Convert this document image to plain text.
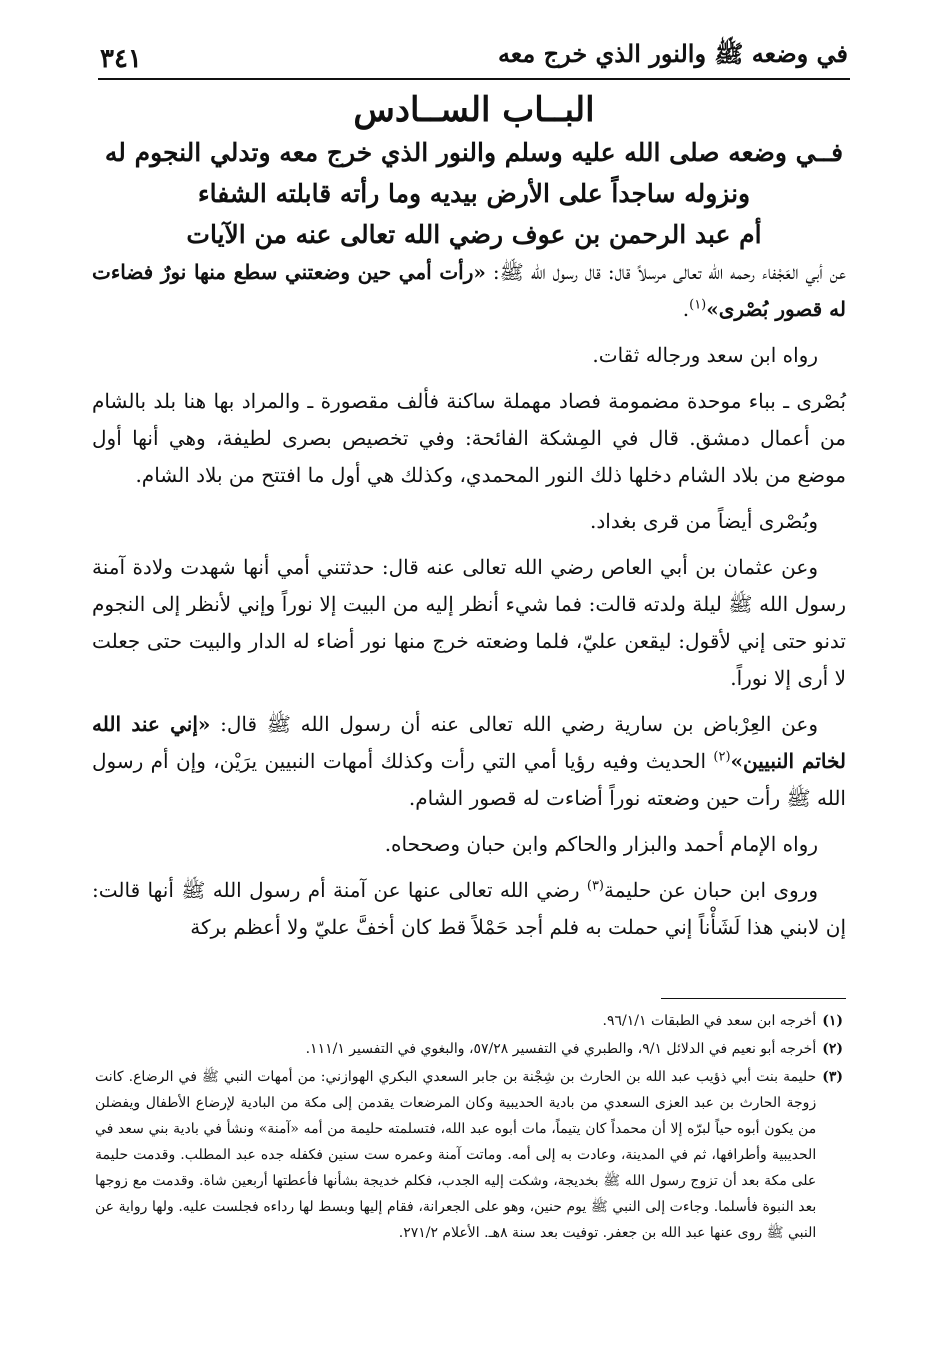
في وضعه ﷺ والنور الذي خرج معه
٣٤١
البــاب الســادس
فــي وضعه صلى الله عليه وسلم والنور الذي خرج معه وتدلي النجوم له
ونزوله ساجداً على الأرض بيديه وما رأته قابلته الشفاء
أم عبد الرحمن بن عوف رضي الله تعالى عنه من الآيات

عن أبي العَجْفاء رحمه الله تعالى مرسلاً قال: قال رسول الله ﷺ: «رأت أمي حين وضعتني سطع منها نورٌ فضاءت له قصور بُصْرى»$^{(١)}$.

رواه ابن سعد ورجاله ثقات.

بُصْرى ـ بباء موحدة مضمومة فصاد مهملة ساكنة فألف مقصورة ـ والمراد بها هنا بلد بالشام من أعمال دمشق. قال في المِشكة الفائحة: وفي تخصيص بصرى لطيفة، وهي أنها أول موضع من بلاد الشام دخلها ذلك النور المحمدي، وكذلك هي أول ما افتتح من بلاد الشام.

وبُصْرى أيضاً من قرى بغداد.

وعن عثمان بن أبي العاص رضي الله تعالى عنه قال: حدثتني أمي أنها شهدت ولادة آمنة رسول الله ﷺ ليلة ولدته قالت: فما شيء أنظر إليه من البيت إلا نوراً وإني لأنظر إلى النجوم تدنو حتى إني لأقول: ليقعن عليّ، فلما وضعته خرج منها نور أضاء له الدار والبيت حتى جعلت لا أرى إلا نوراً.

وعن العِرْباض بن سارية رضي الله تعالى عنه أن رسول الله ﷺ قال: «إني عند الله لخاتم النبيين»$^{(٢)}$ الحديث وفيه رؤيا أمي التي رأت وكذلك أمهات النبيين يرَيْن، وإن أم رسول الله ﷺ رأت حين وضعته نوراً أضاءت له قصور الشام.

رواه الإمام أحمد والبزار والحاكم وابن حبان وصححاه.

وروى ابن حبان عن حليمة$^{(٣)}$ رضي الله تعالى عنها عن آمنة أم رسول الله ﷺ أنها قالت: إن لابني هذا لَشَأْناً إني حملت به فلم أجد حَمْلاً قط كان أخفَّ عليّ ولا أعظم بركة

(١)
أخرجه ابن سعد في الطبقات ٩٦/١/١.
(٢)
أخرجه أبو نعيم في الدلائل ٩/١، والطبري في التفسير ٥٧/٢٨، والبغوي في التفسير ١١١/١.
(٣)
حليمة بنت أبي ذؤيب عبد الله بن الحارث بن شِجْنة بن جابر السعدي البكري الهوازني: من أمهات النبي ﷺ في الرضاع. كانت زوجة الحارث بن عبد العزى السعدي من بادية الحديبية وكان المرضعات يقدمن إلى مكة من البادية لإرضاع الأطفال ويفضلن من يكون أبوه حياً لبرّه إلا أن محمداً كان يتيماً، مات أبوه عبد الله، فتسلمته حليمة من أمه «آمنة» ونشأ في بادية بني سعد في الحديبية وأطرافها، ثم في المدينة، وعادت به إلى أمه. وماتت آمنة وعمره ست سنين فكفله جده عبد المطلب. وقدمت حليمة على مكة بعد أن تزوج رسول الله ﷺ بخديجة، وشكت إليه الجدب، فكلم خديجة بشأنها فأعطتها أربعين شاة. وقدمت مع زوجها بعد النبوة فأسلما. وجاءت إلى النبي ﷺ يوم حنين، وهو على الجعرانة، فقام إليها وبسط لها رداءه فجلست عليه. ولها رواية عن النبي ﷺ روى عنها عبد الله بن جعفر. توفيت بعد سنة ٨هـ. الأعلام ٢٧١/٢.
